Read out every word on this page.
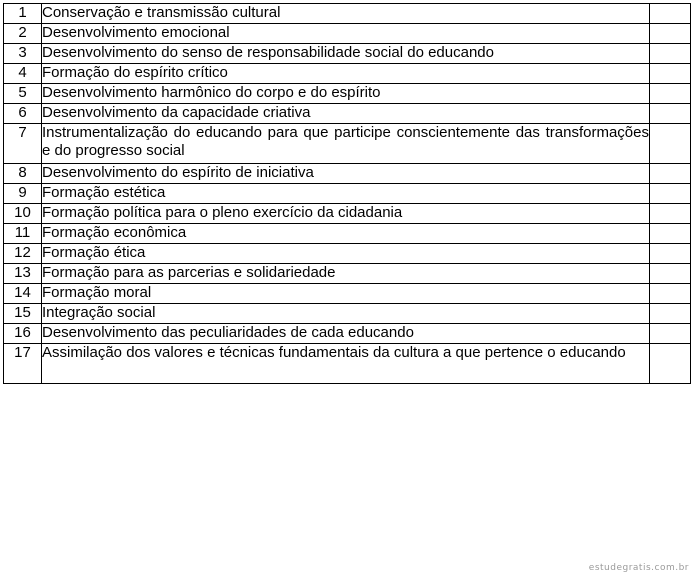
1	Conservação e transmissão cultural	
2	Desenvolvimento emocional	
3	Desenvolvimento do senso de responsabilidade social do educando	
4	Formação do espírito crítico	
5	Desenvolvimento harmônico do corpo e do espírito	
6	Desenvolvimento da capacidade criativa	
7	Instrumentalização do educando para que participe conscientemente das transformações e do progresso social	
8	Desenvolvimento do espírito de iniciativa	
9	Formação estética	
10	Formação política para o pleno exercício da cidadania	
11	Formação econômica	
12	Formação ética	
13	Formação para as parcerias e solidariedade	
14	Formação moral	
15	Integração social	
16	Desenvolvimento das peculiaridades de cada educando	
17	Assimilação dos valores e técnicas fundamentais da cultura a que pertence o educando	
estudegratis.com.br
